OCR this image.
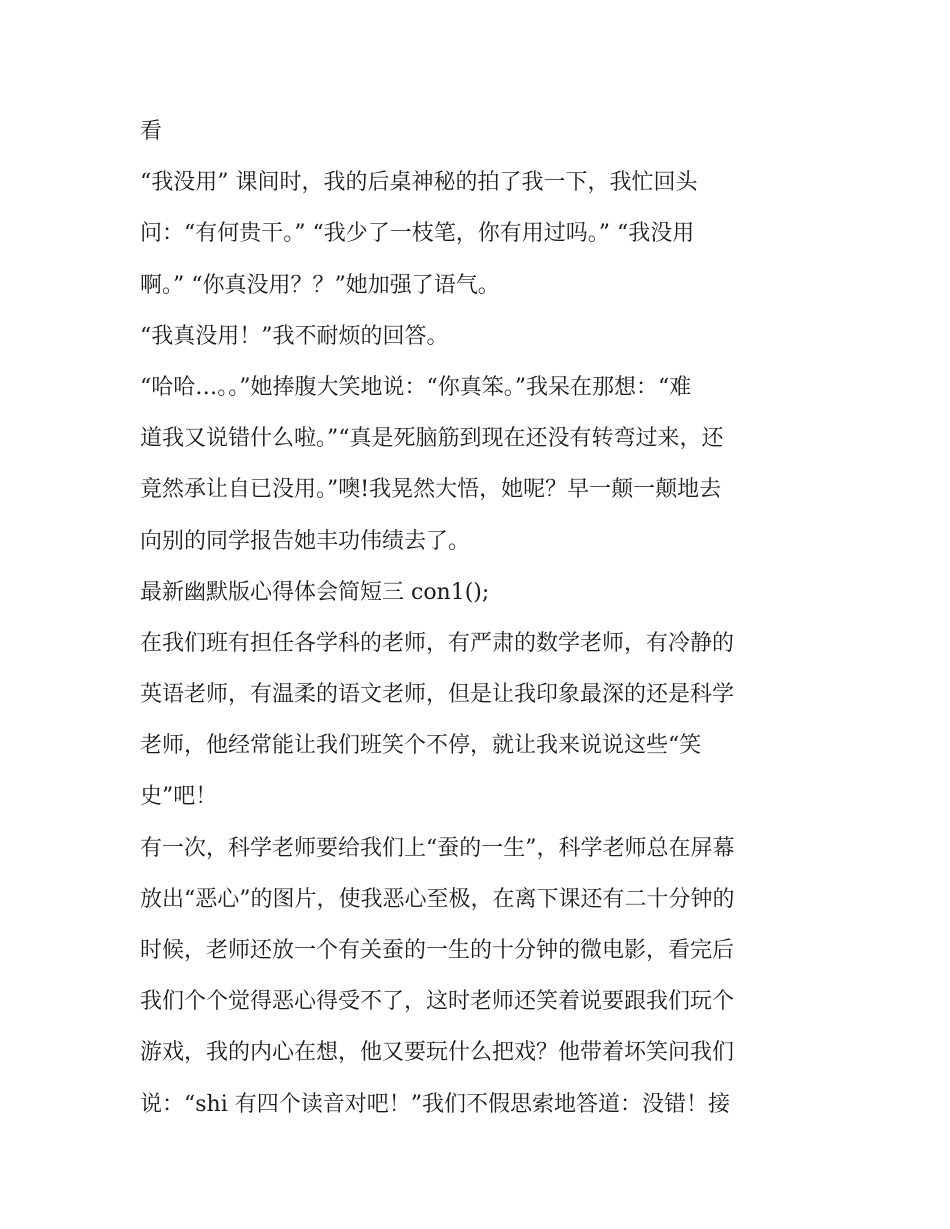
看
“我没用” 课间时，我的后桌神秘的拍了我一下，我忙回头
问：“有何贵干。” “我少了一枝笔，你有用过吗。” “我没用
啊。” “你真没用？？”她加强了语气。
“我真没用！”我不耐烦的回答。
“哈哈…。。”她捧腹大笑地说：“你真笨。”我呆在那想：“难
道我又说错什么啦。”“真是死脑筋到现在还没有转弯过来，还
竟然承让自已没用。”噢!我晃然大悟，她呢？早一颠一颠地去
向别的同学报告她丰功伟绩去了。
最新幽默版心得体会简短三 con1();
在我们班有担任各学科的老师，有严肃的数学老师，有冷静的
英语老师，有温柔的语文老师，但是让我印象最深的还是科学
老师，他经常能让我们班笑个不停，就让我来说说这些“笑
史”吧！
有一次，科学老师要给我们上“蚕的一生”，科学老师总在屏幕
放出“恶心”的图片，使我恶心至极，在离下课还有二十分钟的
时候，老师还放一个有关蚕的一生的十分钟的微电影，看完后
我们个个觉得恶心得受不了，这时老师还笑着说要跟我们玩个
游戏，我的内心在想，他又要玩什么把戏？他带着坏笑问我们
说：“shi 有四个读音对吧！”我们不假思索地答道：没错！接
